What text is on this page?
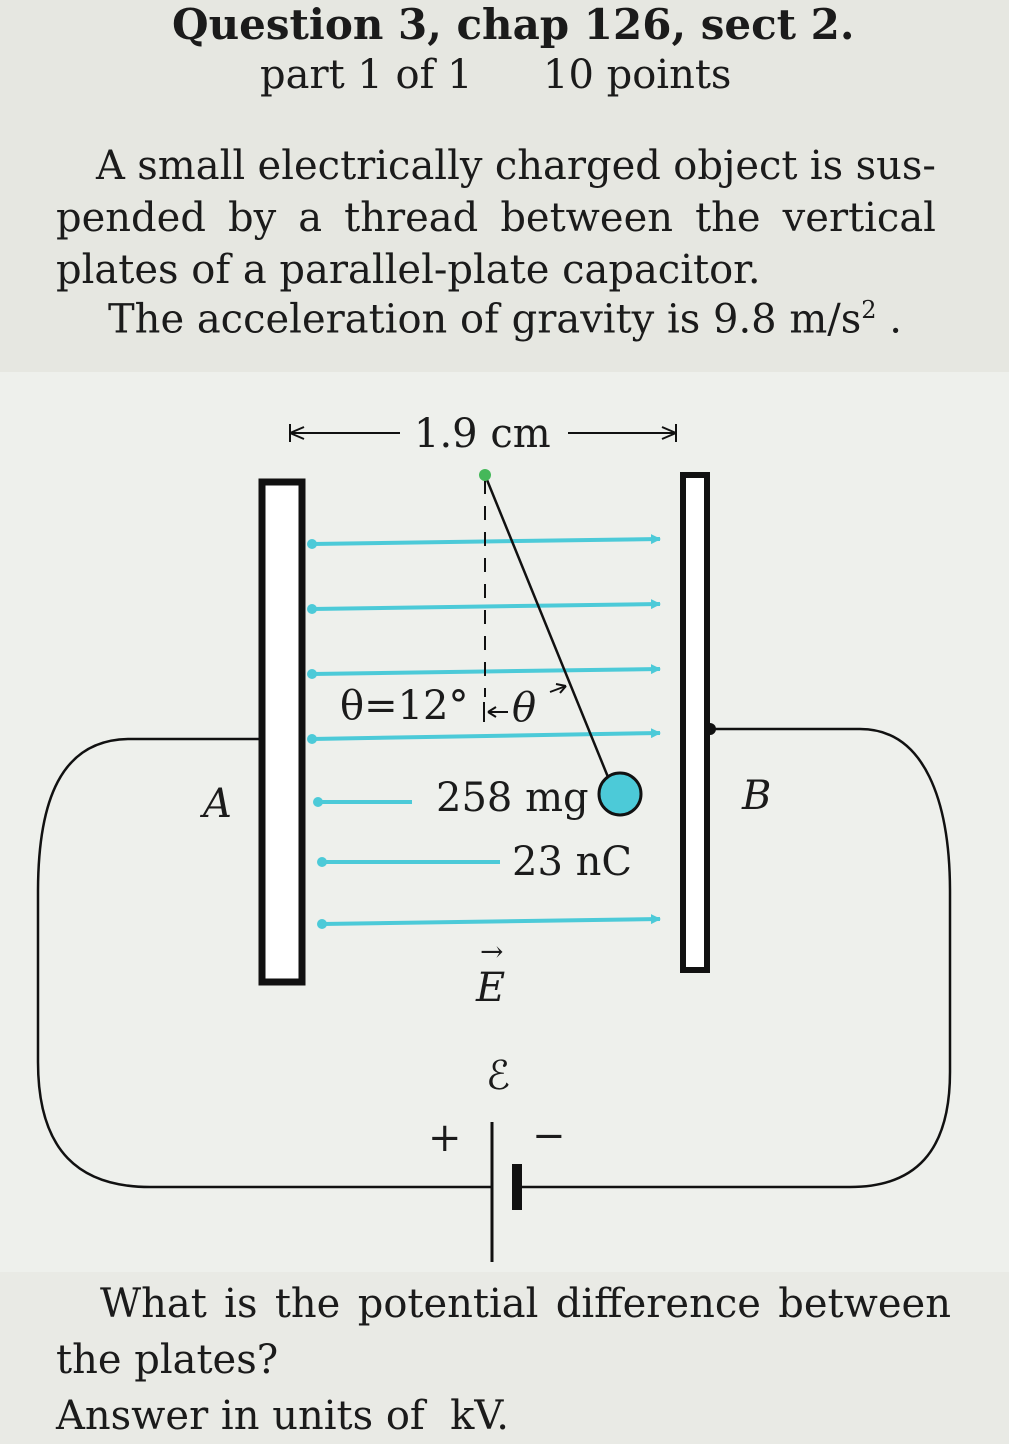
Question 3, chap 126, sect 2.
part 1 of 1 10 points
A small electrically charged object is sus-
pended by a thread between the vertical
plates of a parallel-plate capacitor.
The acceleration of gravity is 9.8 $m/s^2$ .
1.9 cm
θ=12° θ
258 mg
23 nC
A	B
E
→
ℰ
+ −
What is the potential difference between
the plates?
Answer in units of  kV.
